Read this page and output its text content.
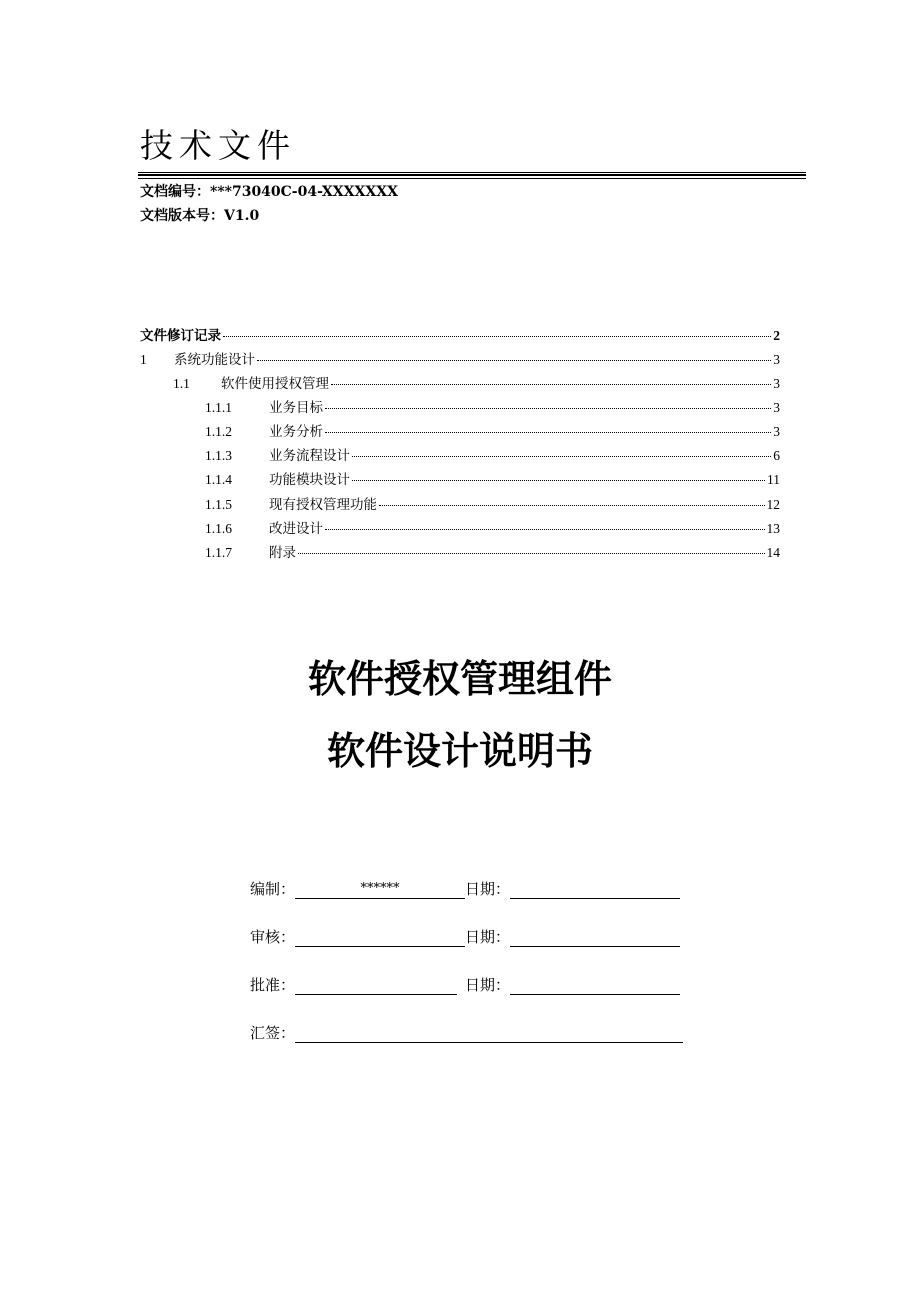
技术文件
文档编号：***73040C-04-XXXXXXX
文档版本号：V1.0
文件修订记录	2
1	系统功能设计	3
1.1	软件使用授权管理	3
1.1.1	业务目标	3
1.1.2	业务分析	3
1.1.3	业务流程设计	6
1.1.4	功能模块设计	11
1.1.5	现有授权管理功能	12
1.1.6	改进设计	13
1.1.7	附录	14
软件授权管理组件
软件设计说明书
编制：	******	日期：
审核：	日期：
批准：	日期：
汇签：
